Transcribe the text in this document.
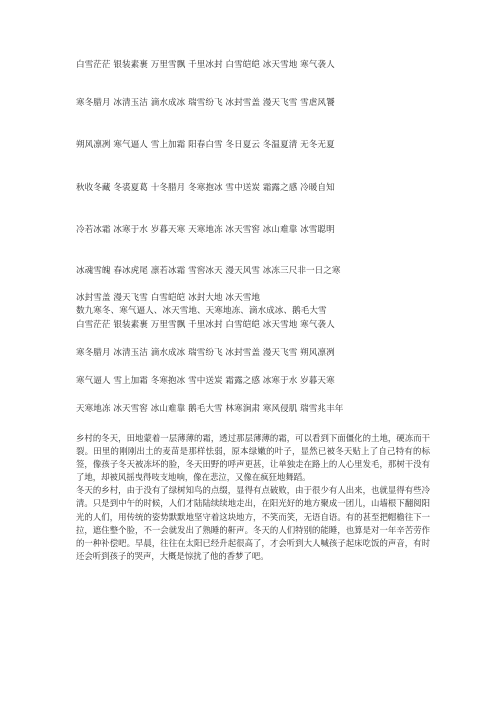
白雪茫茫 银装素裹 万里雪飘 千里冰封 白雪皑皑 冰天雪地 寒气袭人
寒冬腊月 冰清玉洁 滴水成冰 瑞雪纷飞 冰封雪盖 漫天飞雪 雪虐风饕
朔风凛冽 寒气逼人 雪上加霜 阳春白雪 冬日夏云 冬温夏清 无冬无夏
秋收冬藏 冬裘夏葛 十冬腊月 冬寒抱冰 雪中送炭 霜露之感 冷暖自知
冷若冰霜 冰寒于水 岁暮天寒 天寒地冻 冰天雪窖 冰山难靠 冰雪聪明
冰魂雪魄 春冰虎尾 凛若冰霜 雪窖冰天 漫天风雪 冰冻三尺非一日之寒
冰封雪盖 漫天飞雪 白雪皑皑 冰封大地 冰天雪地
数九寒冬、寒气逼人、冰天雪地、天寒地冻、滴水成冰、鹅毛大雪
白雪茫茫 银装素裹 万里雪飘 千里冰封 白雪皑皑 冰天雪地 寒气袭人
寒冬腊月 冰清玉洁 滴水成冰 瑞雪纷飞 冰封雪盖 漫天飞雪 朔风凛冽
寒气逼人 雪上加霜 冬寒抱冰 雪中送炭 霜露之感 冰寒于水 岁暮天寒
天寒地冻 冰天雪窖 冰山难靠 鹅毛大雪 林寒涧肃 寒风侵肌 瑞雪兆丰年

乡村的冬天，田地蒙着一层薄薄的霜，透过那层薄薄的霜，可以看到下面僵化的土地，硬冻而干裂。田里的刚刚出土的麦苗是那样怯弱，原本绿嫩的叶子，显然已被冬天贴上了自己特有的标签，像孩子冬天被冻坏的脸，冬天田野的呼声更甚，让单独走在路上的人心里发毛，那树干没有了地，却被风摇曳得吱支地响，像在悲泣，又像在疯狂地舞蹈。

冬天的乡村，由于没有了绿树知鸟的点缀，显得有点破败，由于很少有人出来，也就显得有些冷清。只是到中午的时候，人们才陆陆续续地走出，在阳光好的地方聚成一团儿，山墙根下翻阅阳光的人们，用传统的姿势默默地坚守着这块地方，不笑而笑，无语自语。有的甚至把帽檐往下一拉，遮住整个脸，不一会就发出了熟睡的鼾声。冬天的人们特别的能睡，也算是对一年辛苦劳作的一种补偿吧。早晨，往往在太阳已经升起很高了，才会听到大人喊孩子起床吃饭的声音，有时还会听到孩子的哭声，大概是惊扰了他的香梦了吧。
